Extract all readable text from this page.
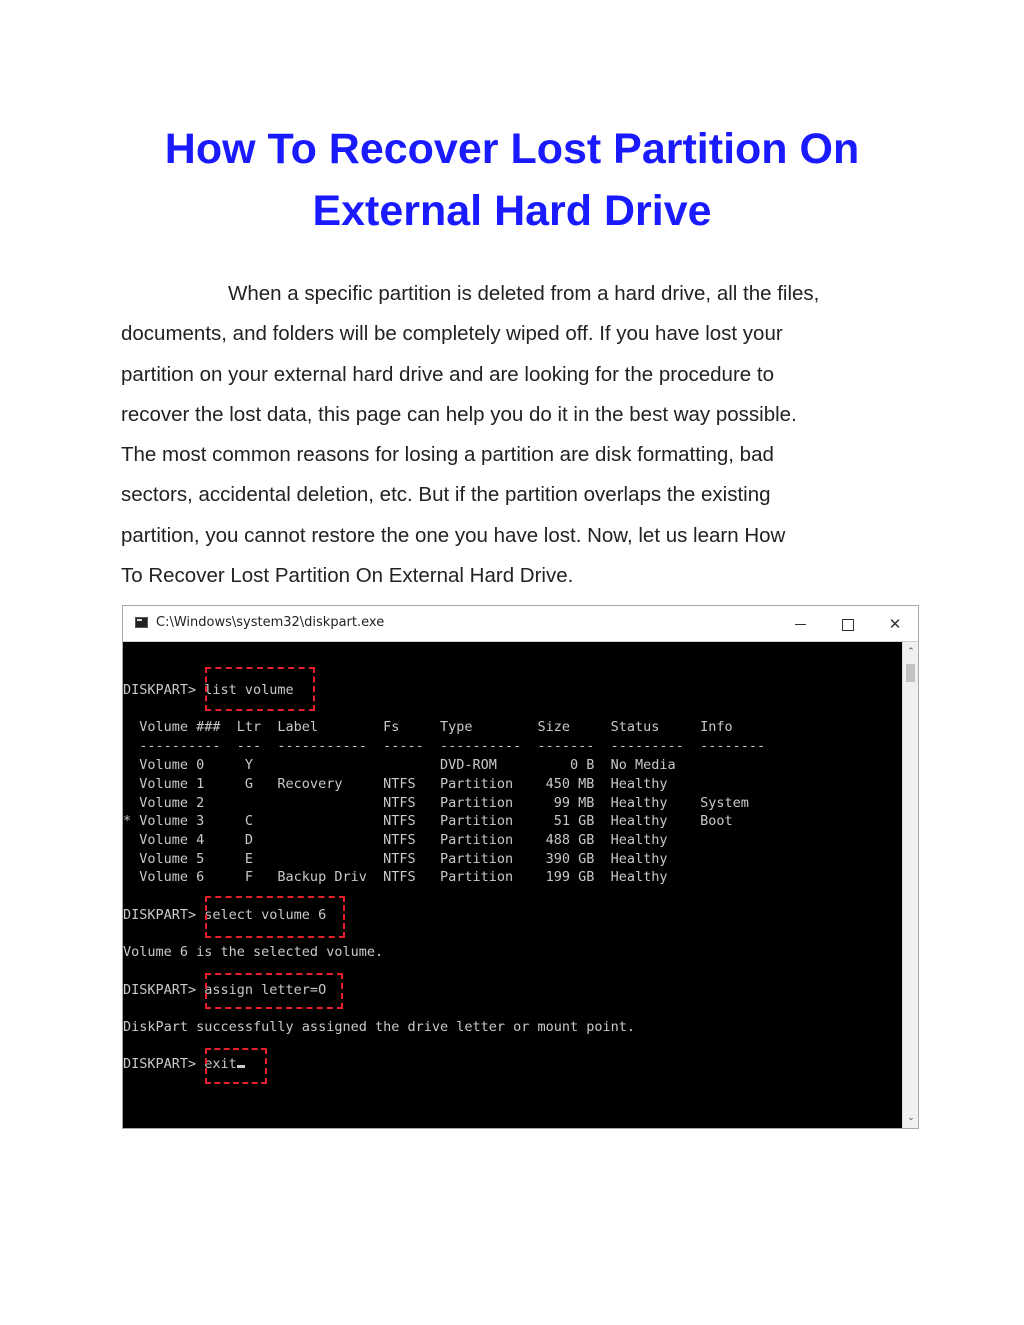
How To Recover Lost Partition On
External Hard Drive
When a specific partition is deleted from a hard drive, all the files,
documents, and folders will be completely wiped off. If you have lost your
partition on your external hard drive and are looking for the procedure to
recover the lost data, this page can help you do it in the best way possible.
The most common reasons for losing a partition are disk formatting, bad
sectors, accidental deletion, etc. But if the partition overlaps the existing
partition, you cannot restore the one you have lost. Now, let us learn How
To Recover Lost Partition On External Hard Drive.
C:\Windows\system32\diskpart.exe	✕

DISKPART> list volume

Volume ###  Ltr  Label        Fs     Type        Size     Status     Info

----------  ---  -----------  -----  ----------  -------  ---------  --------

Volume 0     Y                       DVD-ROM         0 B  No Media

Volume 1     G   Recovery     NTFS   Partition    450 MB  Healthy

Volume 2                      NTFS   Partition     99 MB  Healthy    System

* Volume 3     C                NTFS   Partition     51 GB  Healthy    Boot

Volume 4     D                NTFS   Partition    488 GB  Healthy

Volume 5     E                NTFS   Partition    390 GB  Healthy

Volume 6     F   Backup Driv  NTFS   Partition    199 GB  Healthy

DISKPART> select volume 6

Volume 6 is the selected volume.

DISKPART> assign letter=O

DiskPart successfully assigned the drive letter or mount point.

DISKPART> exit

⌃
⌄
